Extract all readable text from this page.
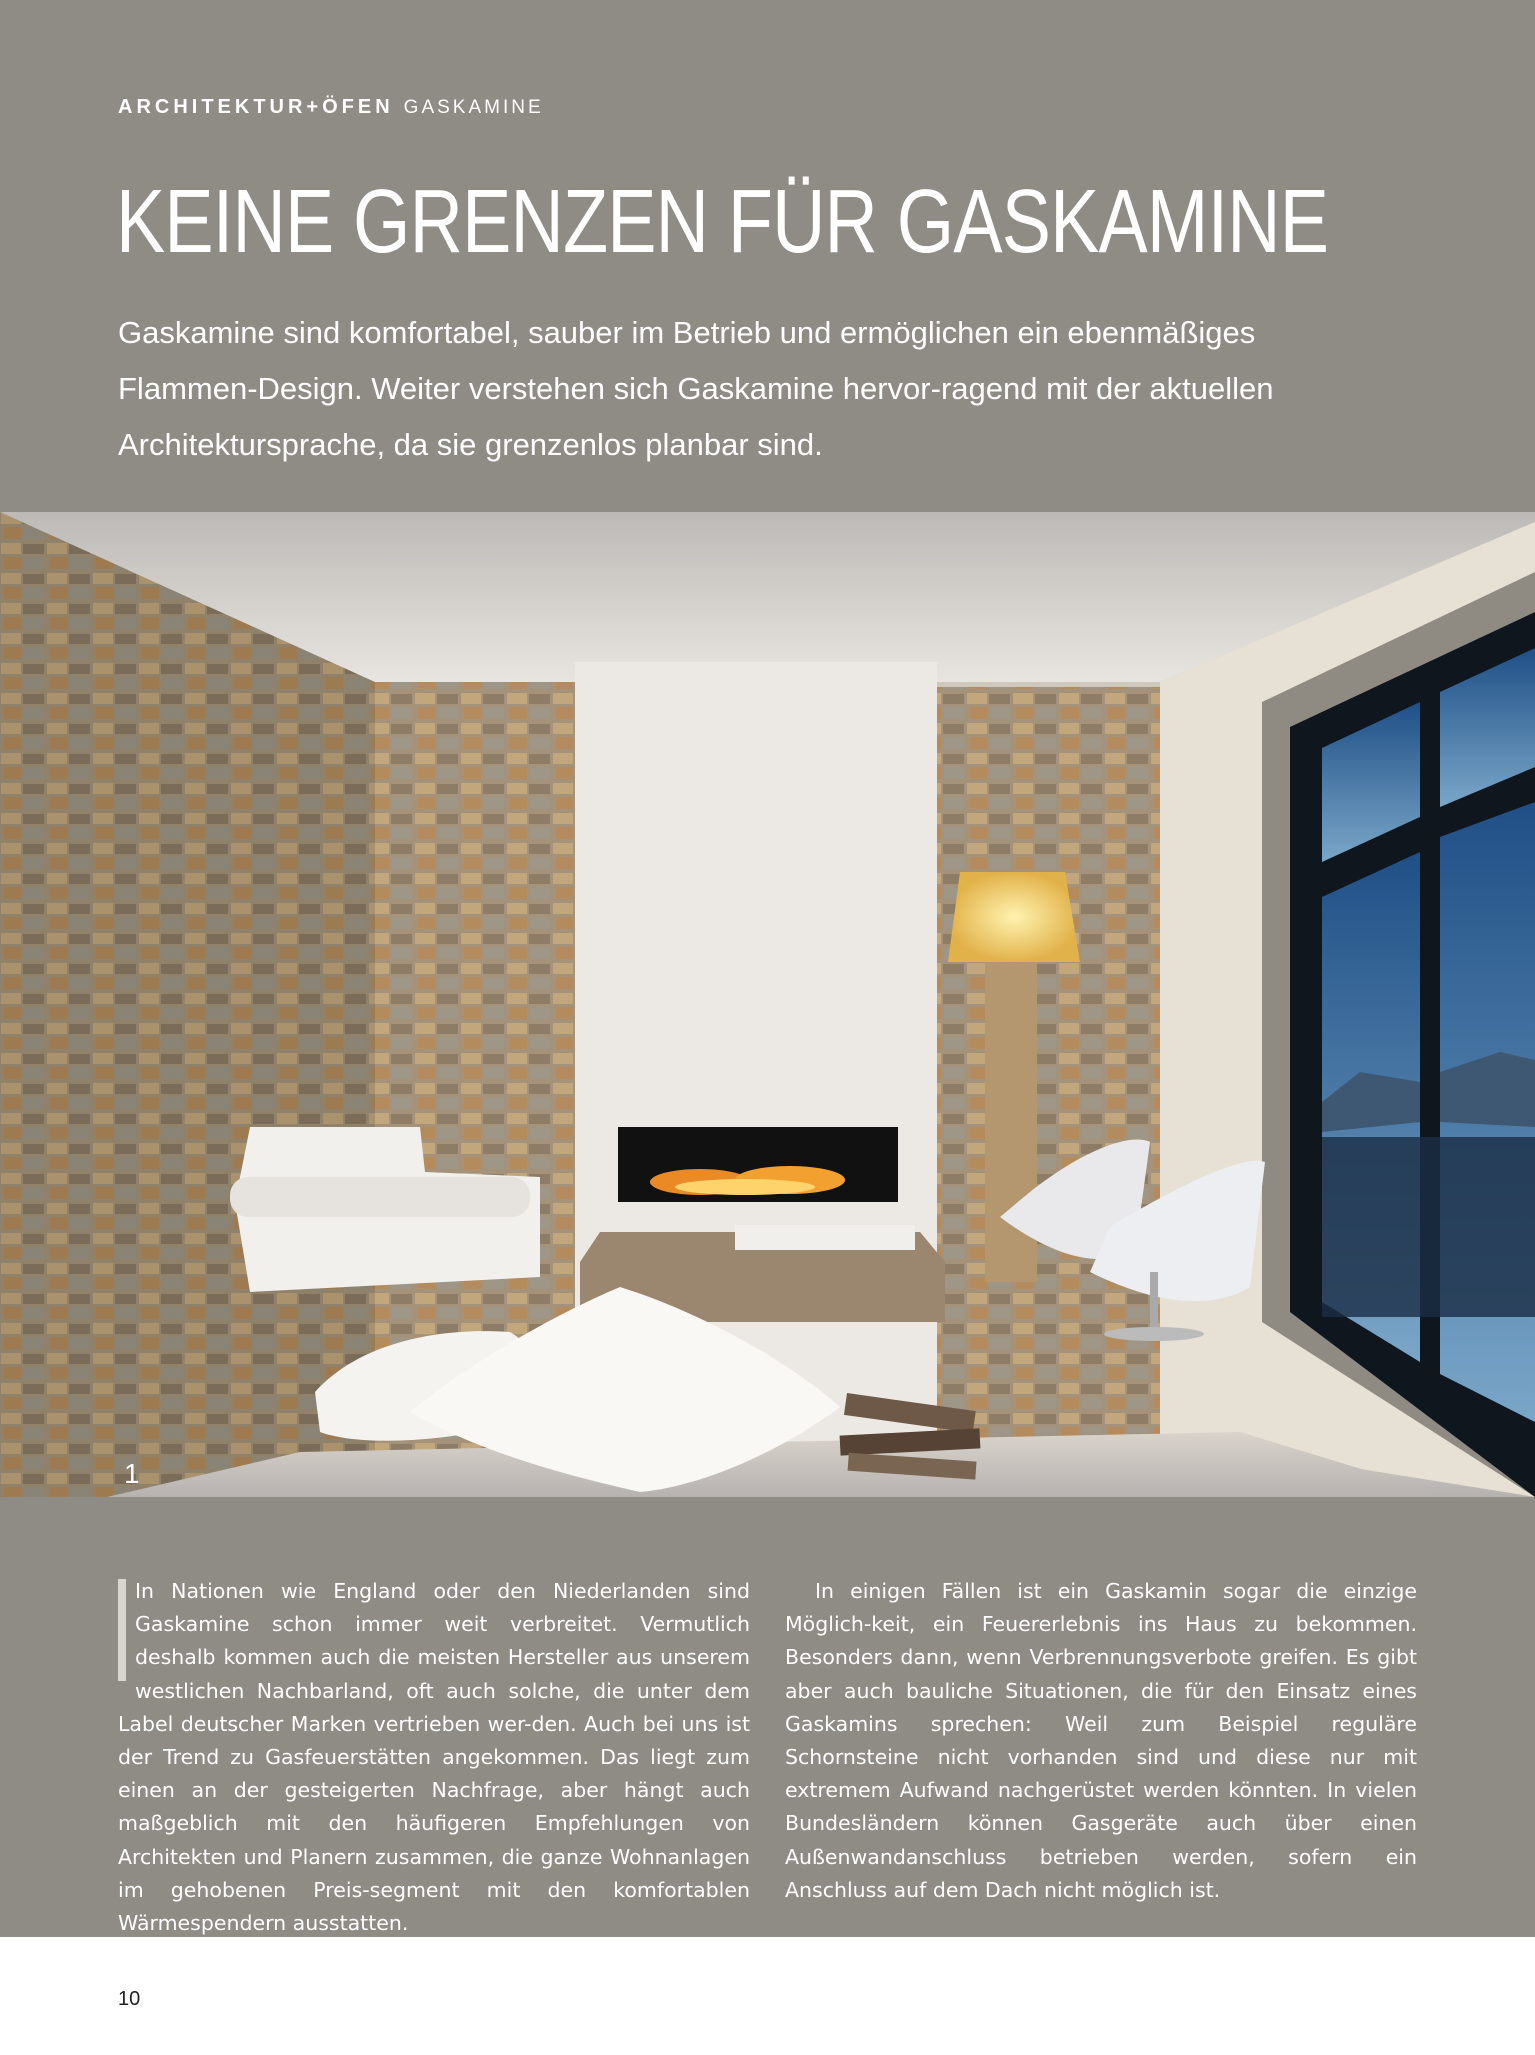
ARCHITEKTUR+ÖFEN GASKAMINE
KEINE GRENZEN FÜR GASKAMINE
Gaskamine sind komfortabel, sauber im Betrieb und ermöglichen ein ebenmäßiges Flammen-Design. Weiter verstehen sich Gaskamine hervor-ragend mit der aktuellen Architektursprache, da sie grenzenlos planbar sind.
1
In Nationen wie England oder den Niederlanden sind Gaskamine schon immer weit verbreitet. Vermutlich deshalb kommen auch die meisten Hersteller aus unserem westlichen Nachbarland, oft auch solche, die unter dem Label deutscher Marken vertrieben wer-den. Auch bei uns ist der Trend zu Gasfeuerstätten angekommen. Das liegt zum einen an der gesteigerten Nachfrage, aber hängt auch maßgeblich mit den häufigeren Empfehlungen von Architekten und Planern zusammen, die ganze Wohnanlagen im gehobenen Preis-segment mit den komfortablen Wärmespendern ausstatten.
In einigen Fällen ist ein Gaskamin sogar die einzige Möglich-keit, ein Feuererlebnis ins Haus zu bekommen. Besonders dann, wenn Verbrennungsverbote greifen. Es gibt aber auch bauliche Situationen, die für den Einsatz eines Gaskamins sprechen: Weil zum Beispiel reguläre Schornsteine nicht vorhanden sind und diese nur mit extremem Aufwand nachgerüstet werden könnten. In vielen Bundesländern können Gasgeräte auch über einen Außenwandanschluss betrieben werden, sofern ein Anschluss auf dem Dach nicht möglich ist.
10
